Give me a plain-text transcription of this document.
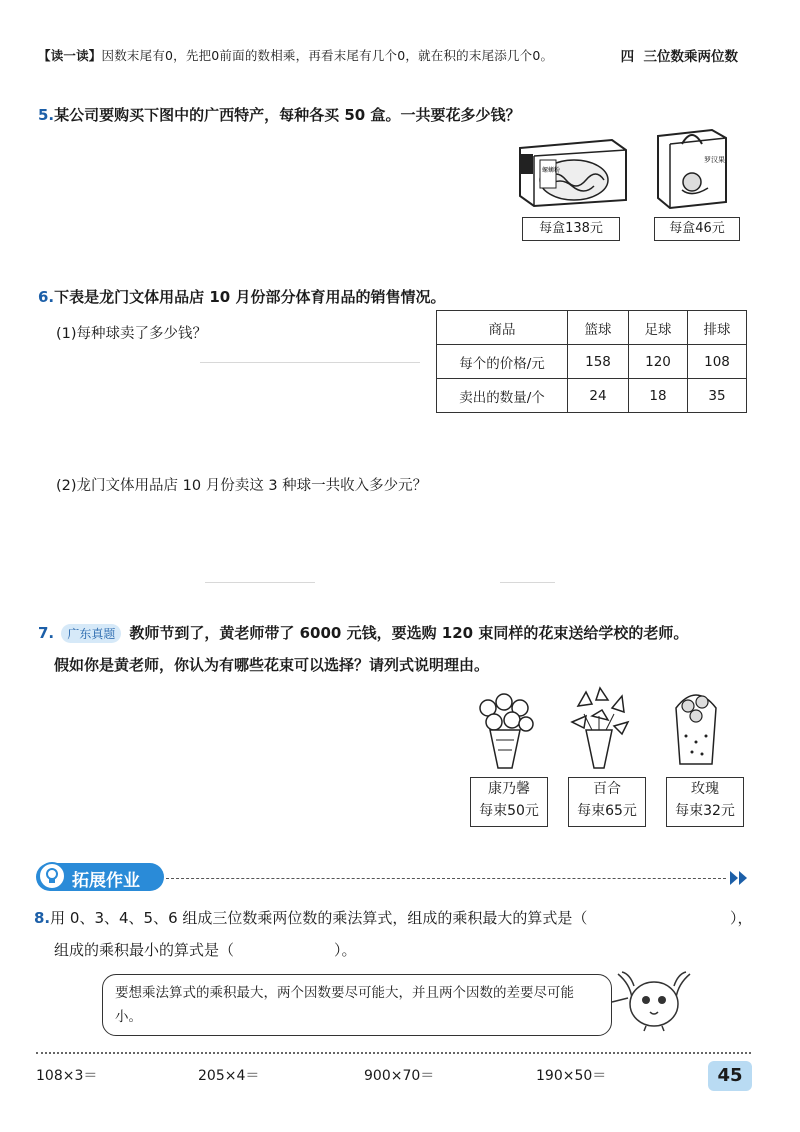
【读一读】因数末尾有0，先把0前面的数相乘，再看末尾有几个0，就在积的末尾添几个0。	四 三位数乘两位数
5.某公司要购买下图中的广西特产，每种各买 50 盒。一共要花多少钱？
螺蛳粉
每盒138元
罗汉果
每盒46元
6.下表是龙门文体用品店 10 月份部分体育用品的销售情况。
(1)每种球卖了多少钱？	商品	篮球	足球	排球
每个的价格/元	158	120	108
卖出的数量/个	24	18	35
(2)龙门文体用品店 10 月份卖这 3 种球一共收入多少元？
7. 广东真题 教师节到了，黄老师带了 6000 元钱，要选购 120 束同样的花束送给学校的老师。
假如你是黄老师，你认为有哪些花束可以选择？请列式说明理由。
康乃馨
每束50元
百合
每束65元
玫瑰
每束32元
拓展作业
8.用 0、3、4、5、6 组成三位数乘两位数的乘法算式，组成的乘积最大的算式是（	），
组成的乘积最小的算式是（	）。
要想乘法算式的乘积最大，两个因数要尽可能大，并且两个因数的差要尽可能小。
108×3＝	205×4＝	900×70＝	190×50＝	45
